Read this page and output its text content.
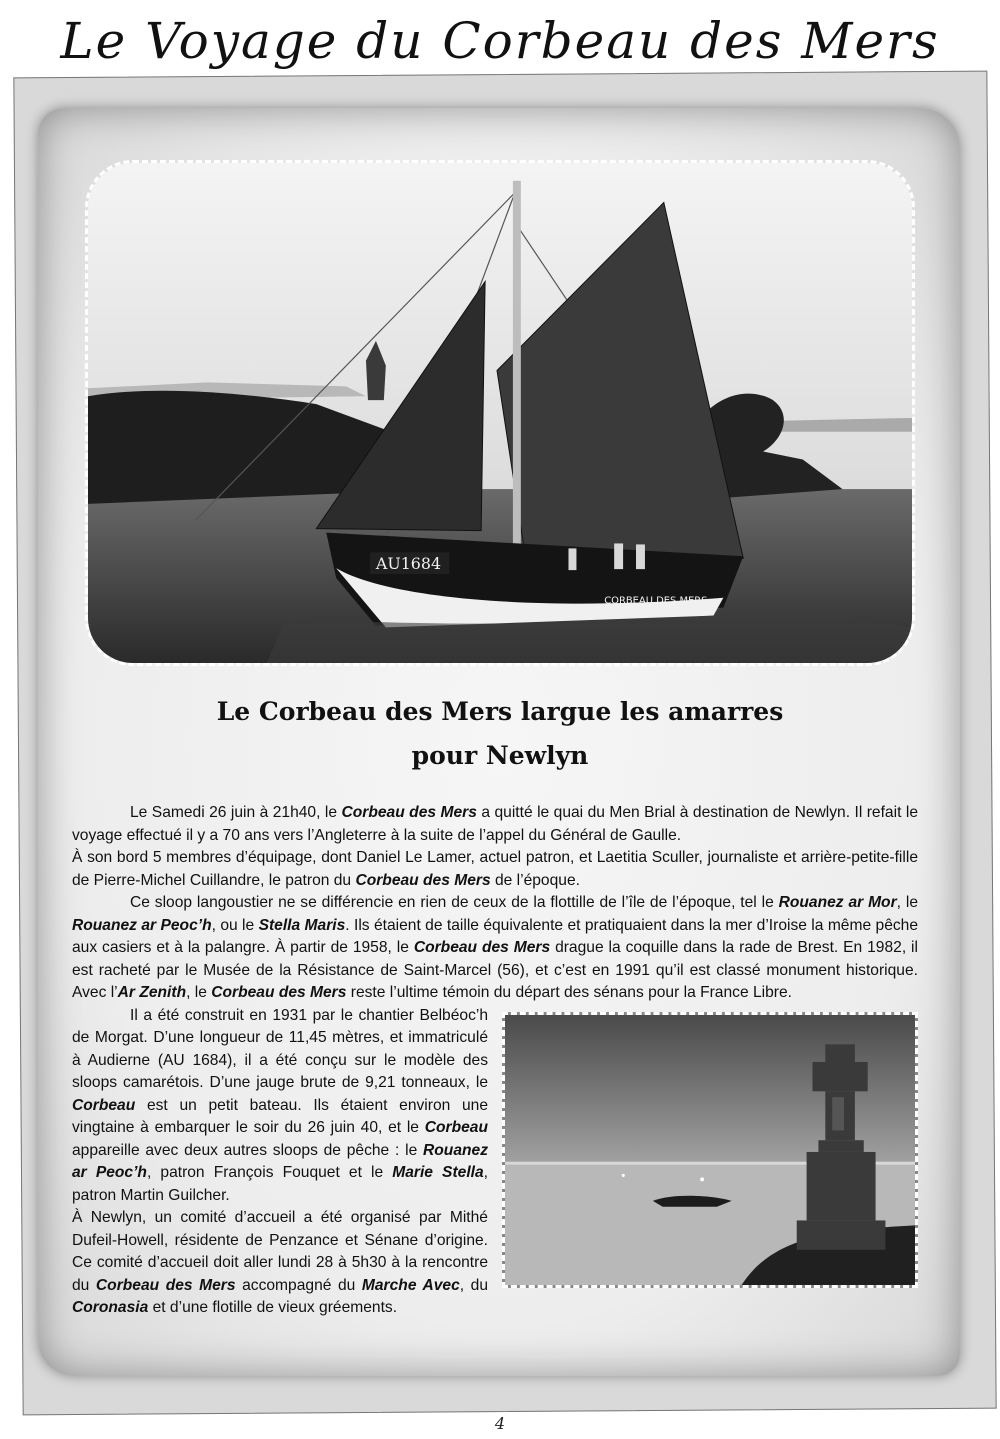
Le Voyage du Corbeau des Mers
AU1684
CORBEAU DES MERS
Le Corbeau des Mers largue les amarres
pour Newlyn

Le Samedi 26 juin à 21h40, le Corbeau des Mers a quitté le quai du Men Brial à destination de Newlyn. Il refait le voyage effectué il y a 70 ans vers l’Angleterre à la suite de l’appel du Général de Gaulle.

À son bord 5 membres d’équipage, dont Daniel Le Lamer, actuel patron, et Laetitia Sculler, journaliste et arrière-petite-fille de Pierre-Michel Cuillandre, le patron du Corbeau des Mers de l’époque.

Ce sloop langoustier ne se différencie en rien de ceux de la flottille de l’île de l’époque, tel le Rouanez ar Mor, le Rouanez ar Peoc’h, ou le Stella Maris. Ils étaient de taille équivalente et pratiquaient dans la mer d’Iroise la même pêche aux casiers et à la palangre. À partir de 1958, le Corbeau des Mers drague la coquille dans la rade de Brest. En 1982, il est racheté par le Musée de la Résistance de Saint-Marcel (56), et c’est en 1991 qu’il est classé monument historique. Avec l’Ar Zenith, le Corbeau des Mers reste l’ultime témoin du départ des sénans pour la France Libre.

Il a été construit en 1931 par le chantier Belbéoc’h de Morgat. D’une longueur de 11,45 mètres, et immatriculé à Audierne (AU 1684), il a été conçu sur le modèle des sloops camarétois. D’une jauge brute de 9,21 tonneaux, le Corbeau est un petit bateau. Ils étaient environ une vingtaine à embarquer le soir du 26 juin 40, et le Corbeau appareille avec deux autres sloops de pêche : le Rouanez ar Peoc’h, patron François Fouquet et le Marie Stella, patron Martin Guilcher.

À Newlyn, un comité d’accueil a été organisé par Mithé Dufeil-Howell, résidente de Penzance et Sénane d’origine. Ce comité d’accueil doit aller lundi 28 à 5h30 à la rencontre du Corbeau des Mers accompagné du Marche Avec, du Coronasia et d’une flotille de vieux gréements.

4
